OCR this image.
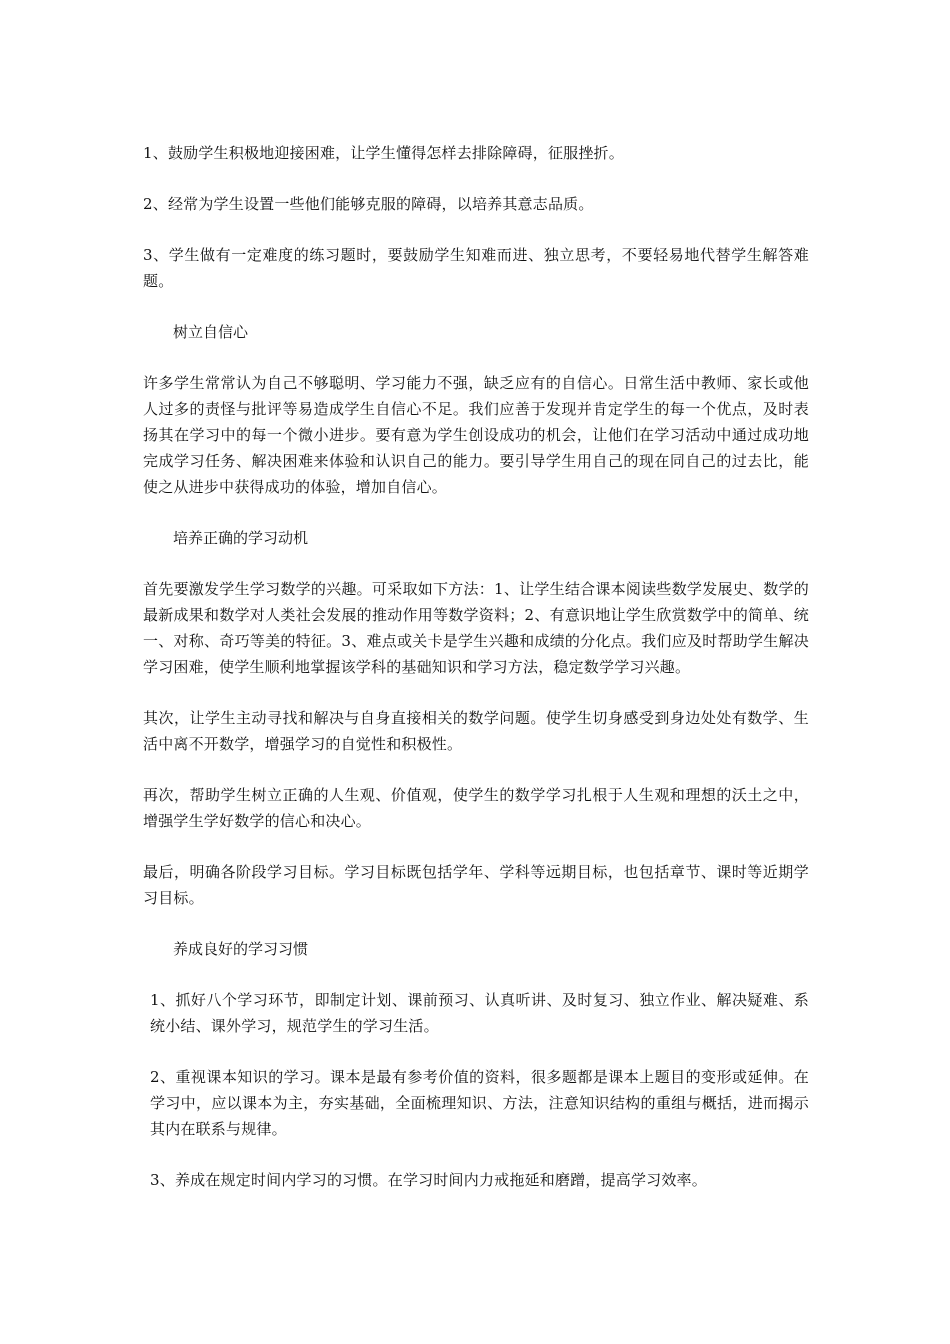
1、鼓励学生积极地迎接困难，让学生懂得怎样去排除障碍，征服挫折。

2、经常为学生设置一些他们能够克服的障碍，以培养其意志品质。

3、学生做有一定难度的练习题时，要鼓励学生知难而进、独立思考，不要轻易地代替学生解答难题。

树立自信心

许多学生常常认为自己不够聪明、学习能力不强，缺乏应有的自信心。日常生活中教师、家长或他人过多的责怪与批评等易造成学生自信心不足。我们应善于发现并肯定学生的每一个优点，及时表扬其在学习中的每一个微小进步。要有意为学生创设成功的机会，让他们在学习活动中通过成功地完成学习任务、解决困难来体验和认识自己的能力。要引导学生用自己的现在同自己的过去比，能使之从进步中获得成功的体验，增加自信心。

培养正确的学习动机

首先要激发学生学习数学的兴趣。可采取如下方法：1、让学生结合课本阅读些数学发展史、数学的最新成果和数学对人类社会发展的推动作用等数学资料；2、有意识地让学生欣赏数学中的简单、统一、对称、奇巧等美的特征。3、难点或关卡是学生兴趣和成绩的分化点。我们应及时帮助学生解决学习困难，使学生顺利地掌握该学科的基础知识和学习方法，稳定数学学习兴趣。

其次，让学生主动寻找和解决与自身直接相关的数学问题。使学生切身感受到身边处处有数学、生活中离不开数学，增强学习的自觉性和积极性。

再次，帮助学生树立正确的人生观、价值观，使学生的数学学习扎根于人生观和理想的沃土之中，增强学生学好数学的信心和决心。

最后，明确各阶段学习目标。学习目标既包括学年、学科等远期目标，也包括章节、课时等近期学习目标。

养成良好的学习习惯

1、抓好八个学习环节，即制定计划、课前预习、认真听讲、及时复习、独立作业、解决疑难、系统小结、课外学习，规范学生的学习生活。

2、重视课本知识的学习。课本是最有参考价值的资料，很多题都是课本上题目的变形或延伸。在学习中，应以课本为主，夯实基础，全面梳理知识、方法，注意知识结构的重组与概括，进而揭示其内在联系与规律。

3、养成在规定时间内学习的习惯。在学习时间内力戒拖延和磨蹭，提高学习效率。
